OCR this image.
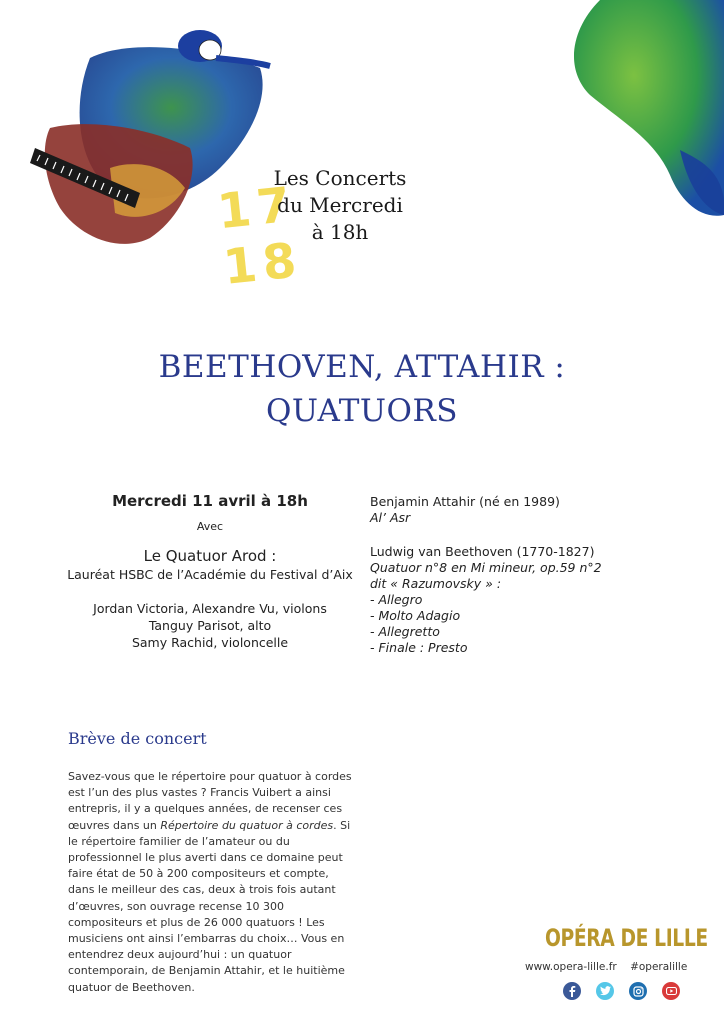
17 18
Les Concerts
du Mercredi
à 18h
BEETHOVEN, ATTAHIR :
QUATUORS
Mercredi 11 avril à 18h
Avec
Le Quatuor Arod :
Lauréat HSBC de l’Académie du Festival d’Aix
Jordan Victoria, Alexandre Vu, violons
Tanguy Parisot, alto
Samy Rachid, violoncelle
Benjamin Attahir (né en 1989)
Al’ Asr
Ludwig van Beethoven (1770-1827)
Quatuor n°8 en Mi mineur, op.59 n°2
dit « Razumovsky » :
- Allegro
- Molto Adagio
- Allegretto
- Finale : Presto
Brève de concert
Savez-vous que le répertoire pour quatuor à cordes est l’un des plus vastes ? Francis Vuibert a ainsi entrepris, il y a quelques années, de recenser ces œuvres dans un Répertoire du quatuor à cordes. Si le répertoire familier de l’amateur ou du professionnel le plus averti dans ce domaine peut faire état de 50 à 200 compositeurs et compte, dans le meilleur des cas, deux à trois fois autant d’œuvres, son ouvrage recense 10 300 compositeurs et plus de 26 000 quatuors ! Les musiciens ont ainsi l’embarras du choix… Vous en entendrez deux aujourd’hui : un quatuor contemporain, de Benjamin Attahir, et le huitième quatuor de Beethoven.
OPÉRA DE LILLE
www.opera-lille.fr #operalille
